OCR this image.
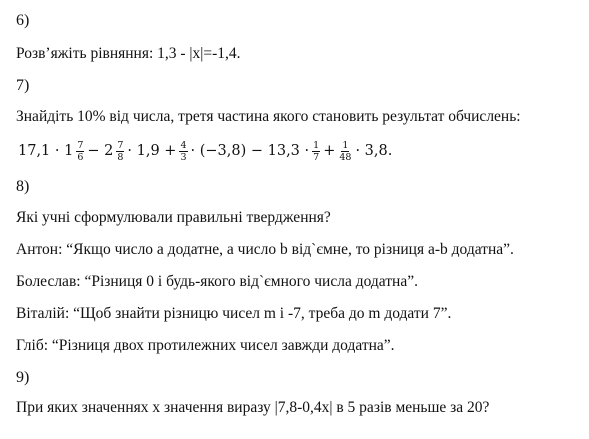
6)
Розв’яжіть рівняння: 1,3 - |x|=-1,4.
7)
Знайдіть 10% від числа, третя частина якого становить результат обчислень:
$17,1 \cdot 1 \frac{7}{6} - 2 \frac{7}{8} \cdot 1,9 + \frac{4}{3} \cdot (-3,8) - 13,3 \cdot \frac{1}{7} + \frac{1}{48} \cdot 3,8$.
8)
Які учні сформулювали правильні твердження?
Антон: “Якщо число а додатне, а число b від`ємне, то різниця a-b додатна”.
Болеслав: “Різниця 0 і будь-якого від`ємного числа додатна”.
Віталій: “Щоб знайти різницю чисел m і -7, треба до m додати 7”.
Гліб: “Різниця двох протилежних чисел завжди додатна”.
9)
При яких значеннях x значення виразу |7,8-0,4x| в 5 разів меньше за 20?
